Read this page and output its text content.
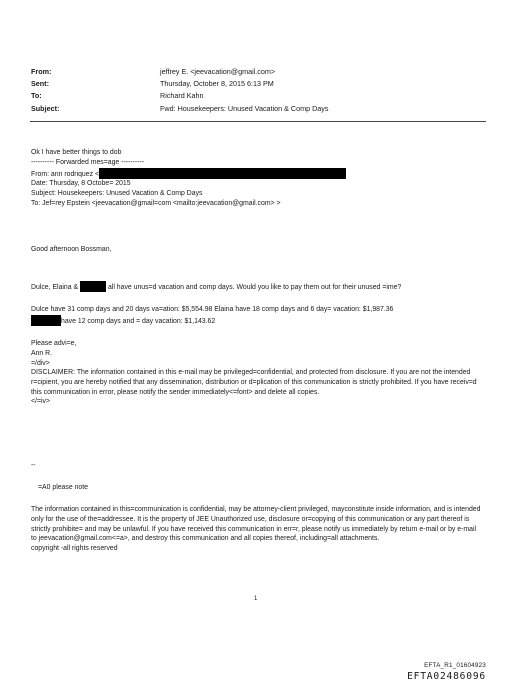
From:	jeffrey E. <jeevacation@gmail.com>
Sent:	Thursday, October 8, 2015 6:13 PM
To:	Richard Kahn
Subject:	Fwd: Housekeepers: Unused Vacation & Comp Days
Ok I have better things to dob
---------- Forwarded mes=age ----------
From: ann rodriquez <
Date: Thursday, 8 Octobe= 2015
Subject: Housekeepers: Unused Vacation & Comp Days
To: Jef=rey Epstein <jeevacation@gmail=com <mailto:jeevacation@gmail.com> >
Good afternoon Bossman,
Dulce, Elaina &	all have unus=d vacation and comp days. Would you like to pay them out for their unused =ime?
Dulce have 31 comp days and 20 days va=ation: $5,554.98 Elaina have 18 comp days and 6 day= vacation: $1,987.36
have 12 comp days and = day vacation: $1,143.62
Please advi=e,
Ann R.
=/div>
DISCLAIMER: The information contained in this e-mail may be privileged=confidential, and protected from disclosure. If you are not the intended r=cipient, you are hereby notified that any dissemination, distribution or d=plication of this communication is strictly prohibited. If you have receiv=d this communication in error, please notify the sender immediately<=font> and delete all copies.
</=iv>
--
=A0 please note
The information contained in this=communication is confidential, may be attorney-client privileged, mayconstitute inside information, and is intended only for the use of the=addressee. It is the property of JEE Unauthorized use, disclosure or=copying of this communication or any part thereof is strictly prohibite= and may be unlawful. If you have received this communication in err=r, please notify us immediately by return e-mail or by e-mail to jeevacation@gmail.com<=a>, and destroy this communication and all copies thereof, including=all attachments.
copyright -all rights reserved
1
EFTA_R1_01604923
EFTA02486096
